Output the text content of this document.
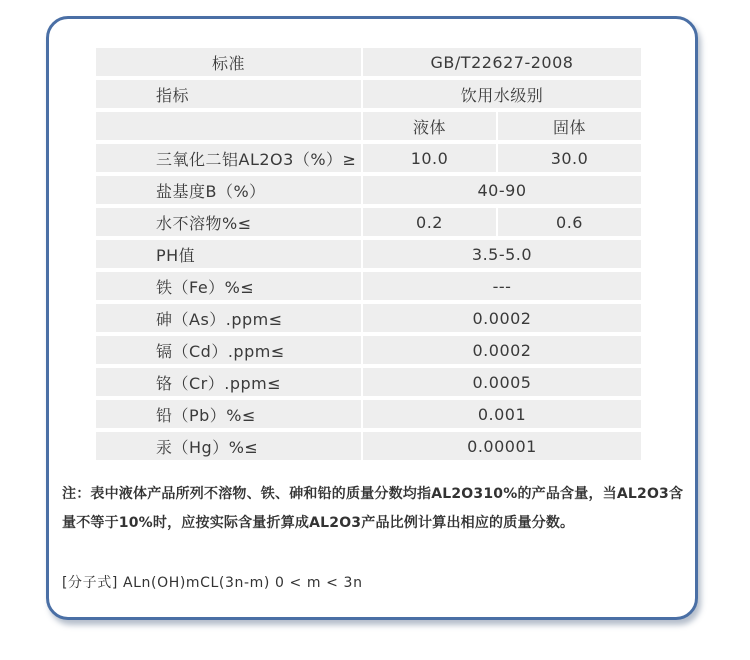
标准	GB/T22627-2008	
指标	饮用水级别	
	液体	固体
三氧化二铝AL2O3（%）≥	10.0	30.0
盐基度B（%）	40-90	
水不溶物%≤	0.2	0.6
PH值	3.5-5.0	
铁（Fe）%≤	---	
砷（As）.ppm≤	0.0002	
镉（Cd）.ppm≤	0.0002	
铬（Cr）.ppm≤	0.0005	
铅（Pb）%≤	0.001	
汞（Hg）%≤	0.00001	
注：表中液体产品所列不溶物、铁、砷和铅的质量分数均指AL2O310%的产品含量，当AL2O3含量不等于10%时，应按实际含量折算成AL2O3产品比例计算出相应的质量分数。
[分子式] ALn(OH)mCL(3n-m) 0 < m < 3n
